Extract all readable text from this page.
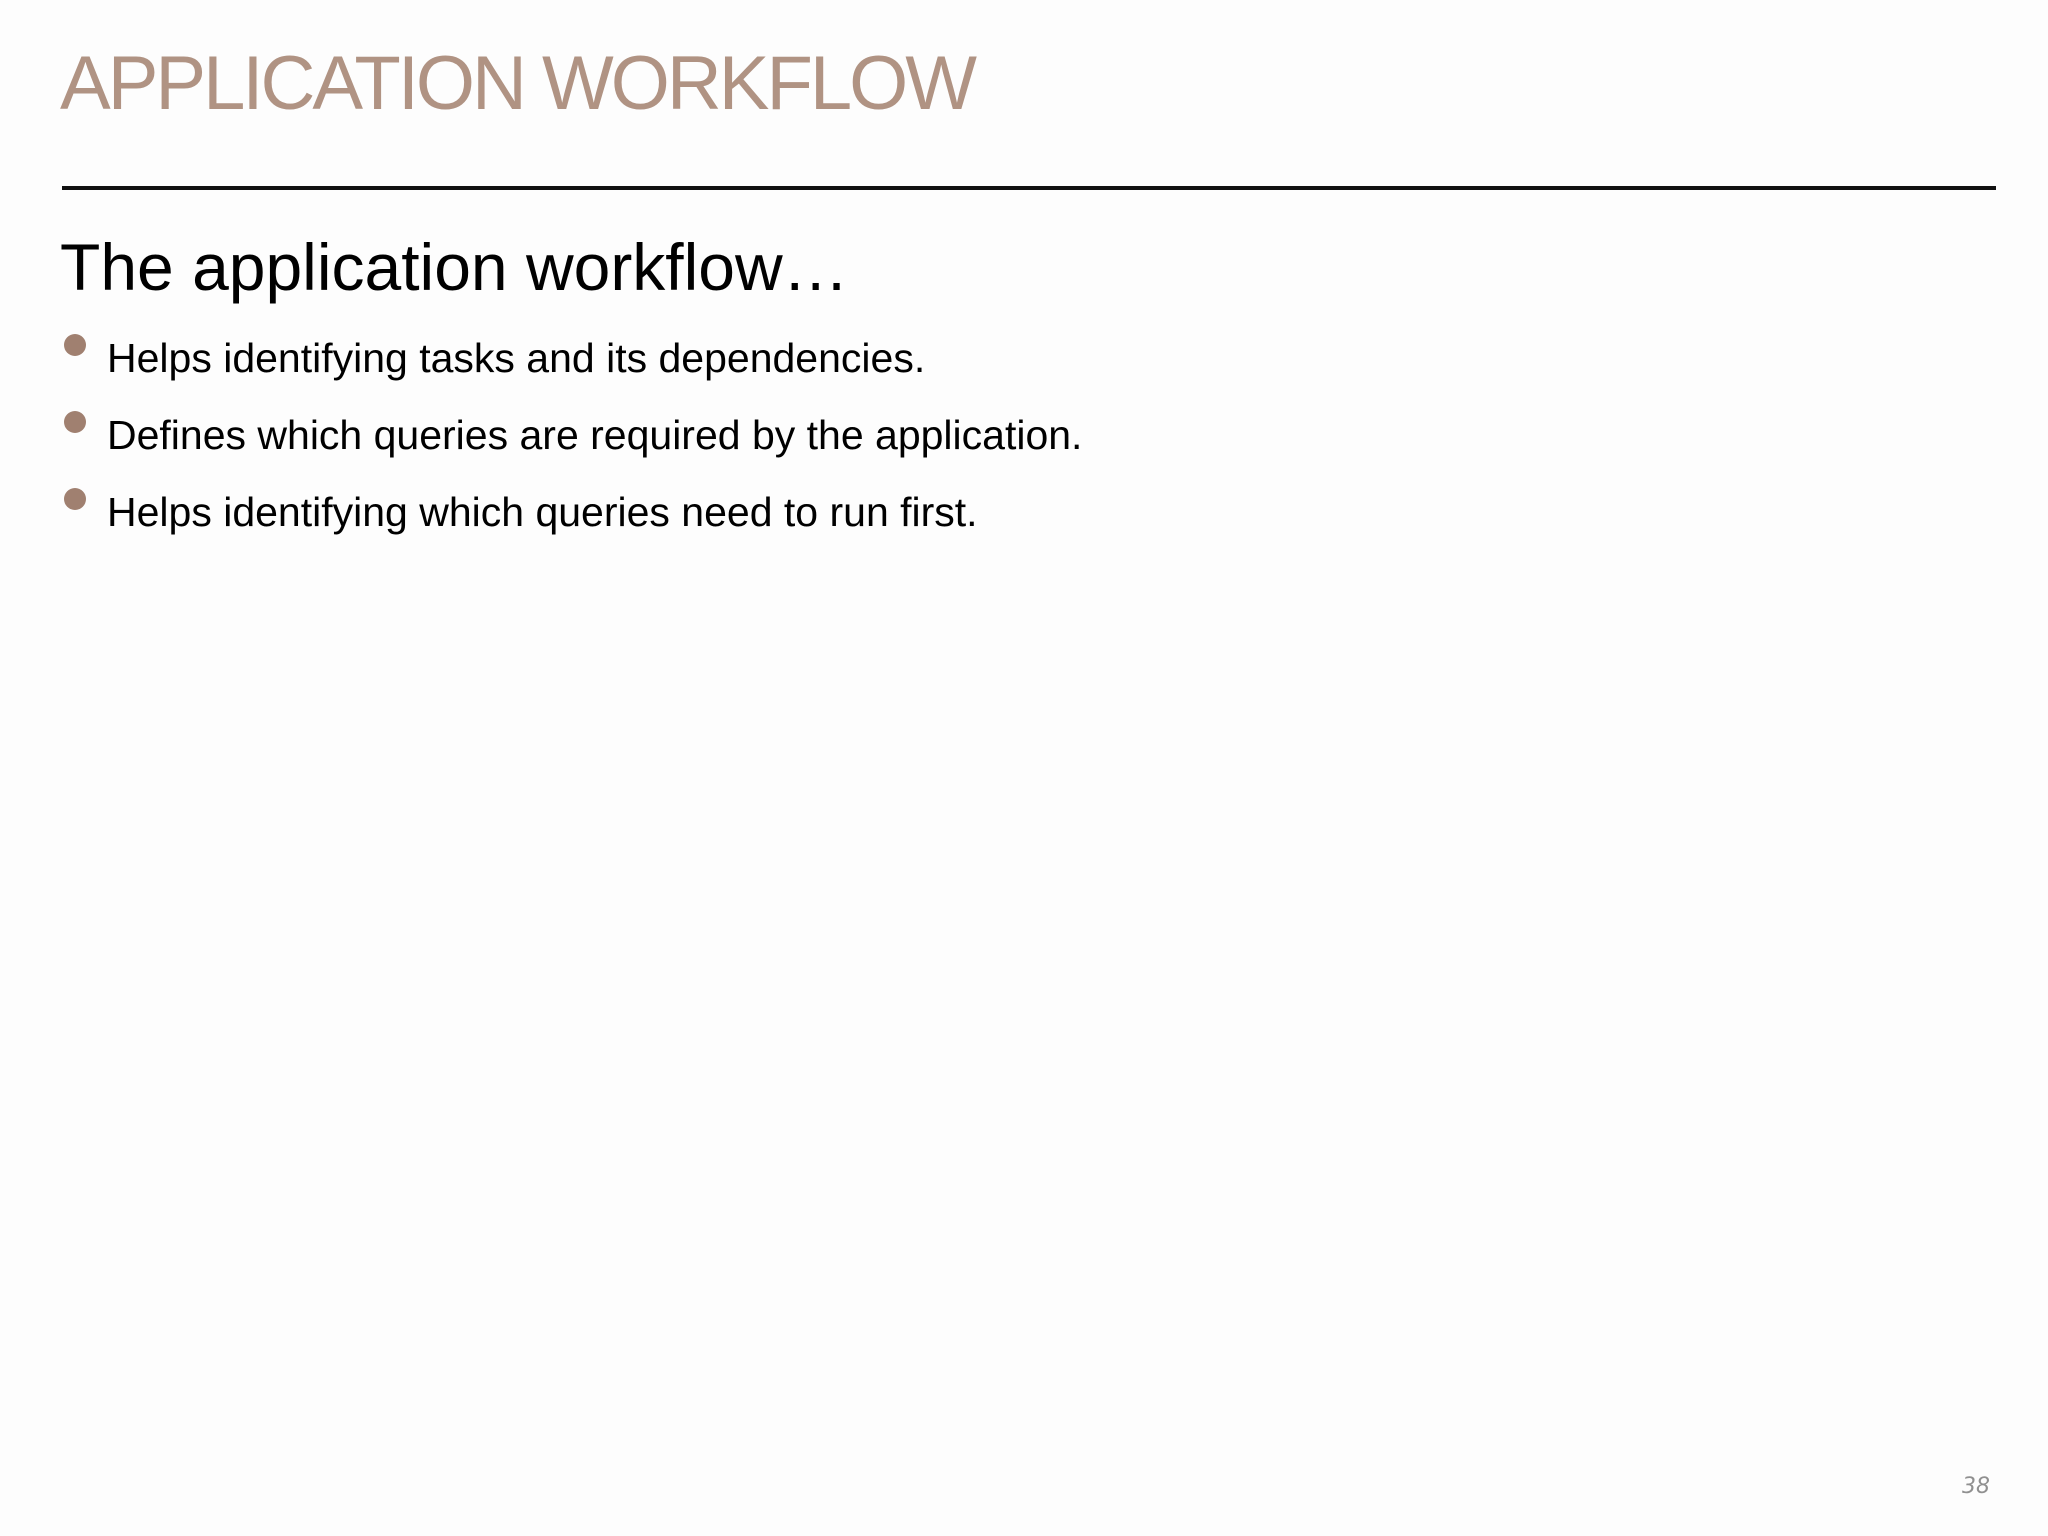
APPLICATION WORKFLOW
The application workflow…
Helps identifying tasks and its dependencies.
Defines which queries are required by the application.
Helps identifying which queries need to run first.
38
